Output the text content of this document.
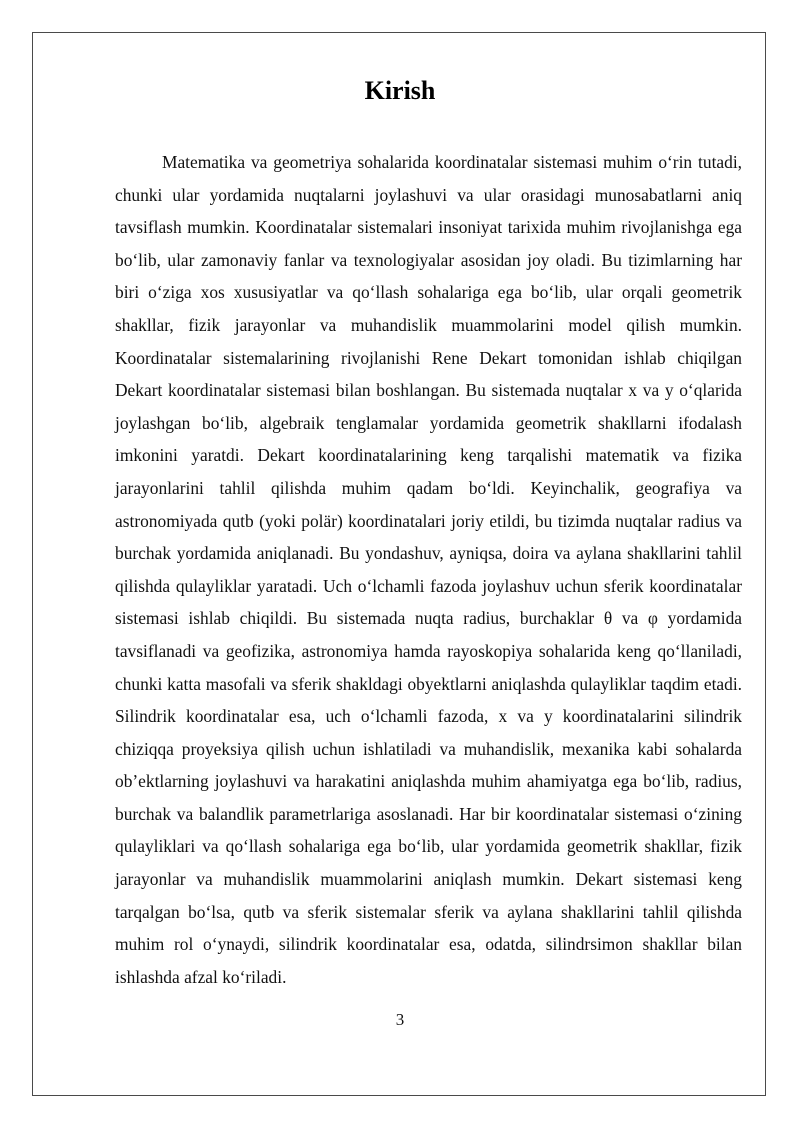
Kirish

Matematika va geometriya sohalarida koordinatalar sistemasi muhim o‘rin tutadi, chunki ular yordamida nuqtalarni joylashuvi va ular orasidagi munosabatlarni aniq tavsiflash mumkin. Koordinatalar sistemalari insoniyat tarixida muhim rivojlanishga ega bo‘lib, ular zamonaviy fanlar va texnologiyalar asosidan joy oladi. Bu tizimlarning har biri o‘ziga xos xususiyatlar va qo‘llash sohalariga ega bo‘lib, ular orqali geometrik shakllar, fizik jarayonlar va muhandislik muammolarini model qilish mumkin. Koordinatalar sistemalarining rivojlanishi Rene Dekart tomonidan ishlab chiqilgan Dekart koordinatalar sistemasi bilan boshlangan. Bu sistemada nuqtalar x va y o‘qlarida joylashgan bo‘lib, algebraik tenglamalar yordamida geometrik shakllarni ifodalash imkonini yaratdi. Dekart koordinatalarining keng tarqalishi matematik va fizika jarayonlarini tahlil qilishda muhim qadam bo‘ldi. Keyinchalik, geografiya va astronomiyada qutb (yoki polär) koordinatalari joriy etildi, bu tizimda nuqtalar radius va burchak yordamida aniqlanadi. Bu yondashuv, ayniqsa, doira va aylana shakllarini tahlil qilishda qulayliklar yaratadi. Uch o‘lchamli fazoda joylashuv uchun sferik koordinatalar sistemasi ishlab chiqildi. Bu sistemada nuqta radius, burchaklar θ va φ yordamida tavsiflanadi va geofizika, astronomiya hamda rayoskopiya sohalarida keng qo‘llaniladi, chunki katta masofali va sferik shakldagi obyektlarni aniqlashda qulayliklar taqdim etadi. Silindrik koordinatalar esa, uch o‘lchamli fazoda, x va y koordinatalarini silindrik chiziqqa proyeksiya qilish uchun ishlatiladi va muhandislik, mexanika kabi sohalarda ob’ektlarning joylashuvi va harakatini aniqlashda muhim ahamiyatga ega bo‘lib, radius, burchak va balandlik parametrlariga asoslanadi. Har bir koordinatalar sistemasi o‘zining qulayliklari va qo‘llash sohalariga ega bo‘lib, ular yordamida geometrik shakllar, fizik jarayonlar va muhandislik muammolarini aniqlash mumkin. Dekart sistemasi keng tarqalgan bo‘lsa, qutb va sferik sistemalar sferik va aylana shakllarini tahlil qilishda muhim rol o‘ynaydi, silindrik koordinatalar esa, odatda, silindrsimon shakllar bilan ishlashda afzal ko‘riladi.

3
